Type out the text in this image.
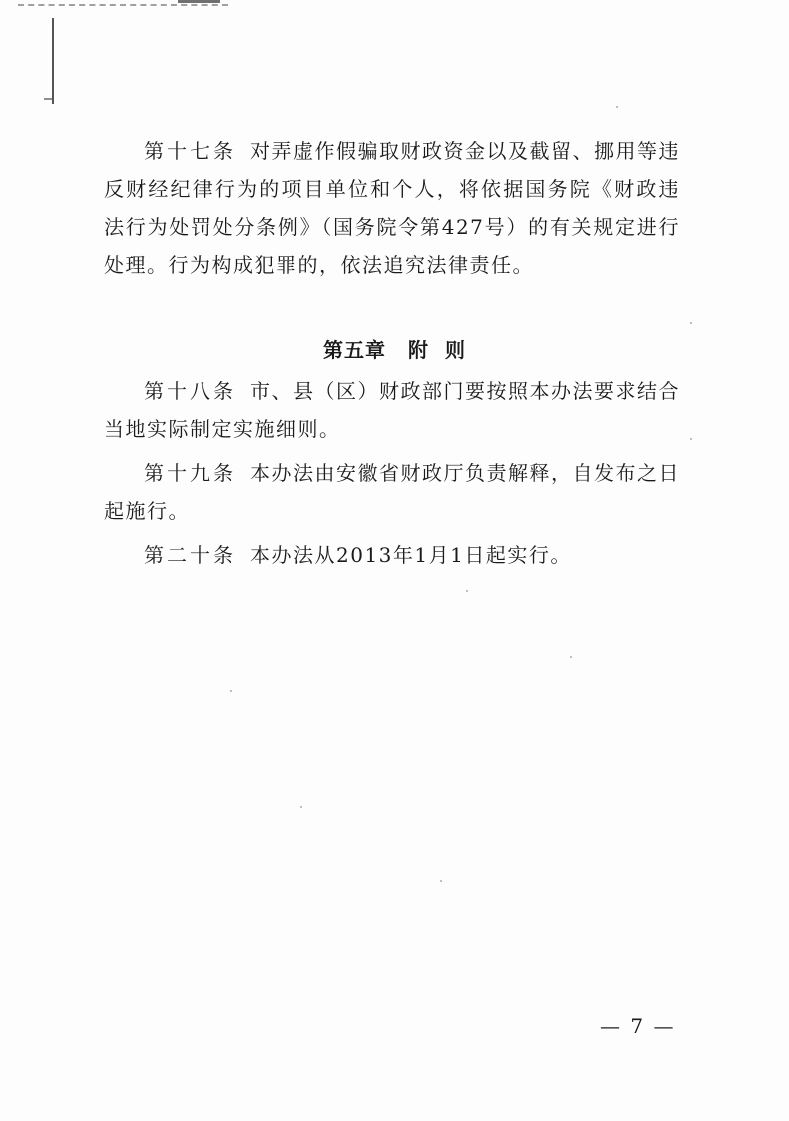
第十七条 对弄虚作假骗取财政资金以及截留、挪用等违反财经纪律行为的项目单位和个人，将依据国务院《财政违法行为处罚处分条例》（国务院令第427号）的有关规定进行处理。行为构成犯罪的，依法追究法律责任。

第五章 附 则

第十八条 市、县（区）财政部门要按照本办法要求结合当地实际制定实施细则。

第十九条 本办法由安徽省财政厅负责解释，自发布之日起施行。

第二十条 本办法从2013年1月1日起实行。

— 7 —
